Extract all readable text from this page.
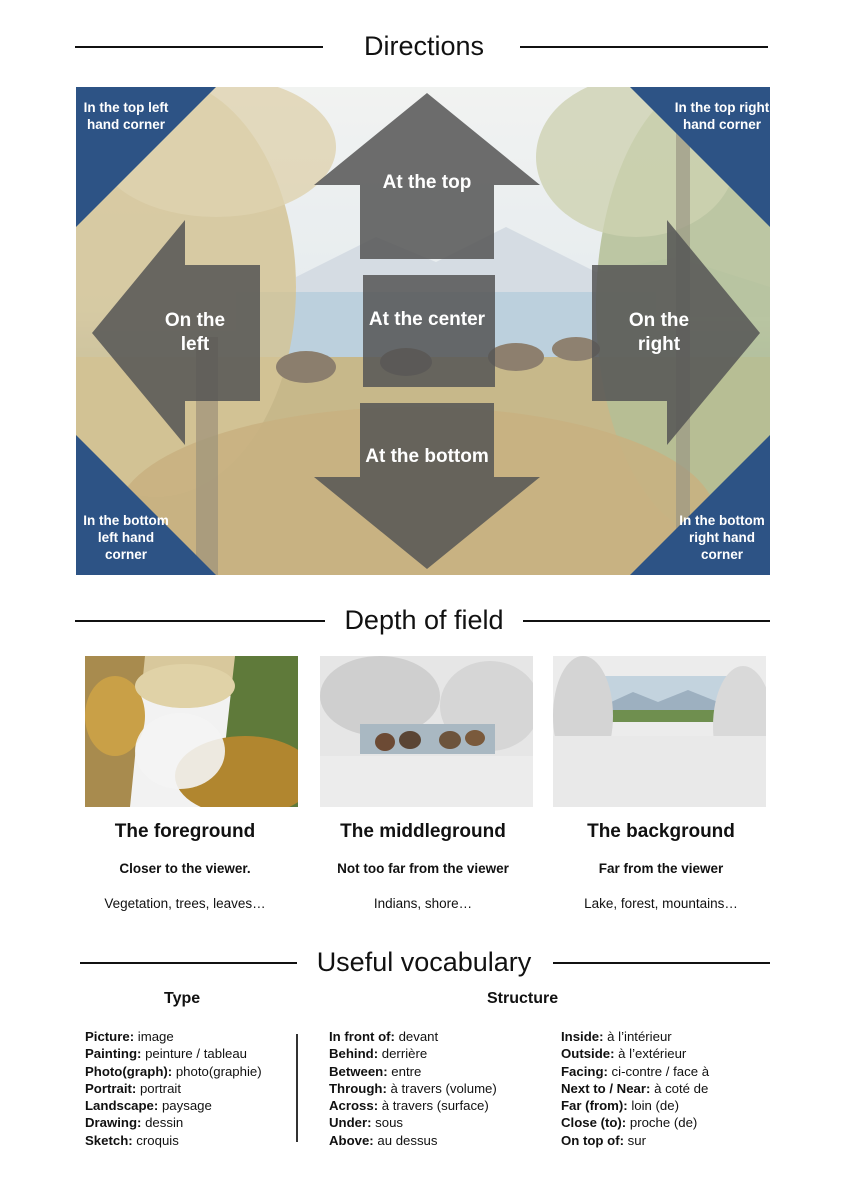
Directions
In the top left hand corner
In the top right hand corner
In the bottom left hand corner
In the bottom right hand corner
At the top
On the left
At the center	On the right
At the bottom
Depth of field
The foreground
Closer to the viewer.
Vegetation, trees, leaves…
The middleground
Not too far from the viewer
Indians, shore…
The background
Far from the viewer
Lake, forest, mountains…
Useful vocabulary
Type	Structure
Picture: image
Painting: peinture / tableau
Photo(graph): photo(graphie)
Portrait: portrait
Landscape: paysage
Drawing: dessin
Sketch: croquis
In front of: devant
Behind: derrière
Between: entre
Through: à travers (volume)
Across: à travers (surface)
Under: sous
Above: au dessus
Inside: à l’intérieur
Outside: à l’extérieur
Facing: ci-contre / face à
Next to / Near: à coté de
Far (from): loin (de)
Close (to): proche (de)
On top of: sur
